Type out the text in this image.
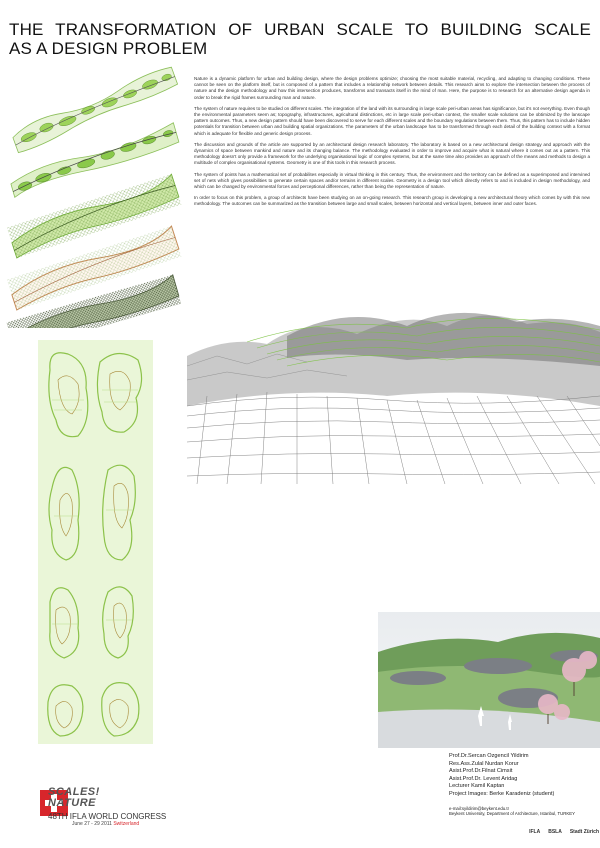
THE TRANSFORMATION OF URBAN SCALE TO BUILDING SCALE
AS A DESIGN PROBLEM

Nature is a dynamic platform for urban and building design, where the design problems optimize; choosing the most suitable material, recycling, and adapting to changing conditions. These cannot be seen on the platform itself, but is composed of a pattern that includes a relationship network between details. This research aims to explore the intersection between the process of nature and the design methodology and how this intersection produces, transforms and transacts itself in the mind of man. Here, the purpose is to research for an alternative design agenda in order to break the rigid frames surrounding man and nature.

The system of nature requires to be studied on different scales. The integration of the land with its surrounding in large scale peri-urban areas has significance, but it's not everything. Even though the environmental parameters seem as; topography, infrastructures, agricultural distinctions, etc in large scale peri-urban context, the smaller scale solutions can be obtimized by the lanscape pattern outcomes. Thus, a new design pattern should have been discovered to serve for each different scales and the boundary regulations between them. Thus, this pattern has to include hidden potentials for transition between urban and building spatial organizations. The parameters of the urban landscape has to be transformed through each detail of the building context with a format which is adequate for flexible and generic design process.

The discussion and grounds of the article are supported by an architectural design research laboratory. The laboratory is based on a new architectural design strategy and approach with the dynamics of space between mankind and nature and its changing balance. The methodology evaluated in order to improve and acquire what is natural where it comes out as a pattern. This methodology doesn't only provide a framework for the underlying organisational logic of complex systems, but at the same time also provides an approach of the means and methods to design a multitude of complex organisational systems. Geometry is one of this tools in this research process.

The system of points has a mathematical set of probabilites especially in virtual thinking in this century. Thus, the environment and the territory can be defined as a superimposed and intervined set of nets which gives possibilities to generate certain spaces and/or terrains in different scales. Geometry is a design tool which directly refers to and is included in design methodology, and which can be changed by environmental forces and perceptional differences, rather than being the representation of nature.

In order to focus on this problem, a group of architects have been studying on an on-going research. This research group is developing a new architectural theory which comes by with this new methodology. The outcomes can be summarized as the transition between large and small scales, between horizontal and vertical layers, between inner and outer faces.

SCALES!
NATURE
48TH IFLA WORLD CONGRESS
June 27 - 29 2011 Switzerland
Prof.Dr.Sercan Ozgencil Yildirim
Res.Ass.Zulal Nurdan Korur
Asist.Prof.Dr.Filnat Cimsit
Asist.Prof.Dr. Levent Aridag
Lecturer Kamil Kaptan
Project Images: Berke Karadeniz (student)
e-mail:syildirim@beykent.edu.tr
Beykent University, Department of Architecture, Istanbul, TURKEY
IFLA BSLA Stadt Zürich
